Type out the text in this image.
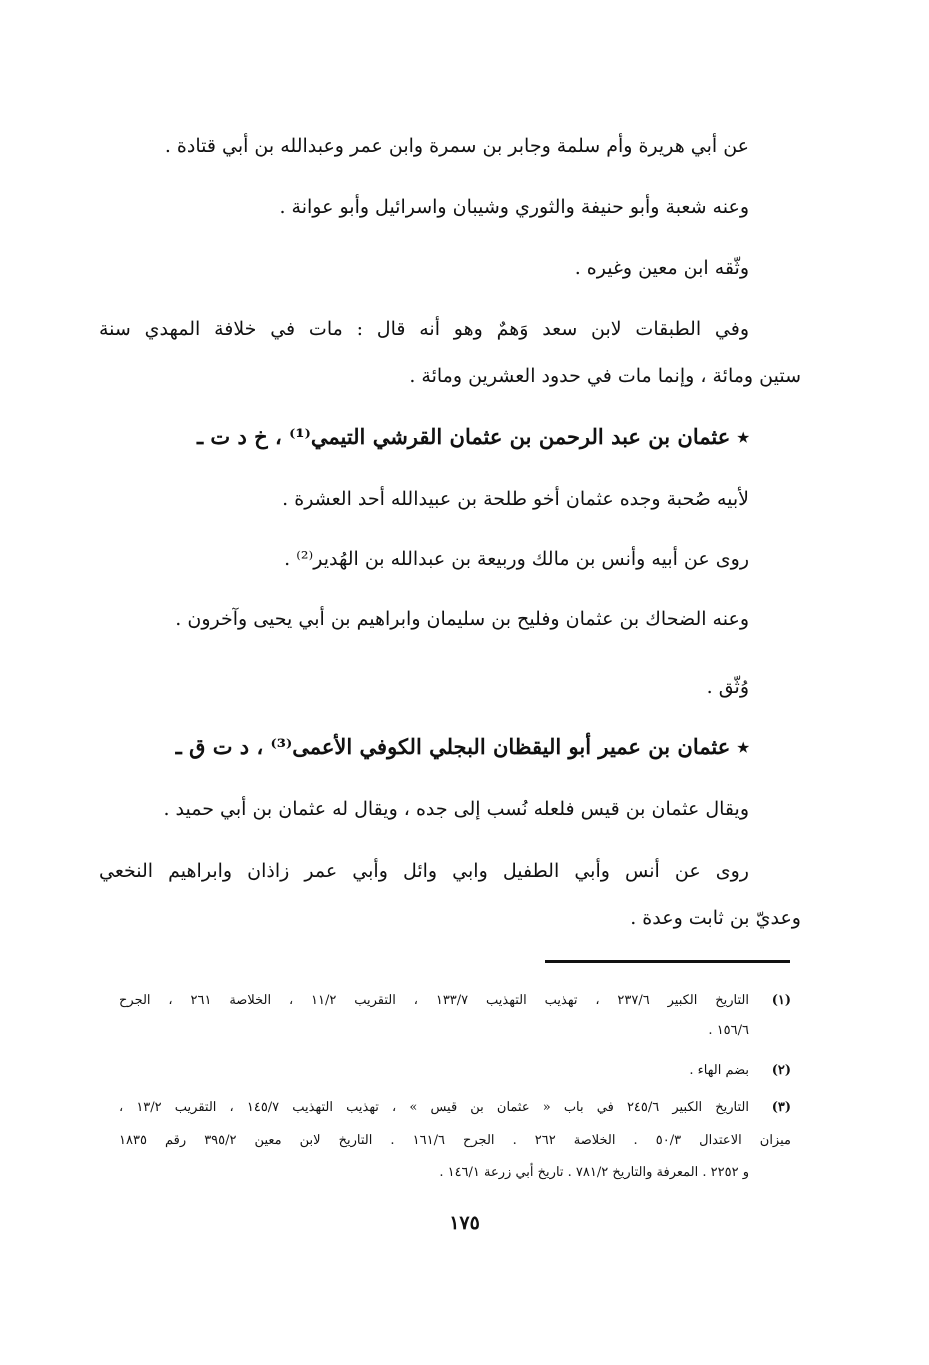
عن أبي هريرة وأم سلمة وجابر بن سمرة وابن عمر وعبدالله بن أبي قتادة .

وعنه شعبة وأبو حنيفة والثوري وشيبان واسرائيل وأبو عوانة .

وثّقه ابن معين وغيره .

وفي الطبقات لابن سعد وَهمٌ وهو أنه قال : مات في خلافة المهدي سنة

ستين ومائة ، وإنما مات في حدود العشرين ومائة .

٭ عثمان بن عبد الرحمن بن عثمان القرشي التيمي⁽¹⁾ ، خ د ت ـ

لأبيه صُحبة وجده عثمان أخو طلحة بن عبيدالله أحد العشرة .

روى عن أبيه وأنس بن مالك وربيعة بن عبدالله بن الهُدير⁽²⁾ .

وعنه الضحاك بن عثمان وفليح بن سليمان وابراهيم بن أبي يحيى وآخرون .

وُثّق .

٭ عثمان بن عمير أبو اليقظان البجلي الكوفي الأعمى⁽³⁾ ، د ت ق ـ

ويقال عثمان بن قيس فلعله نُسب إلى جده ، ويقال له عثمان بن أبي حميد .

روى عن أنس وأبي الطفيل وابي وائل وأبي عمر زاذان وابراهيم النخعي

وعديّ بن ثابت وعدة .

(١)

التاريخ الكبير ٢٣٧/٦ ، تهذيب التهذيب ١٣٣/٧ ، التقريب ١١/٢ ، الخلاصة ٢٦١ ، الجرح

١٥٦/٦ .

(٢)

بضم الهاء .

(٣)

التاريخ الكبير ٢٤٥/٦ في باب « عثمان بن قيس » ، تهذيب التهذيب ١٤٥/٧ ، التقريب ١٣/٢ ،

ميزان الاعتدال ٥٠/٣ . الخلاصة ٢٦٢ . الجرح ١٦١/٦ . التاريخ لابن معين ٣٩٥/٢ رقم ١٨٣٥

و ٢٢٥٢ . المعرفة والتاريخ ٧٨١/٢ . تاريخ أبي زرعة ١٤٦/١ .

١٧٥
